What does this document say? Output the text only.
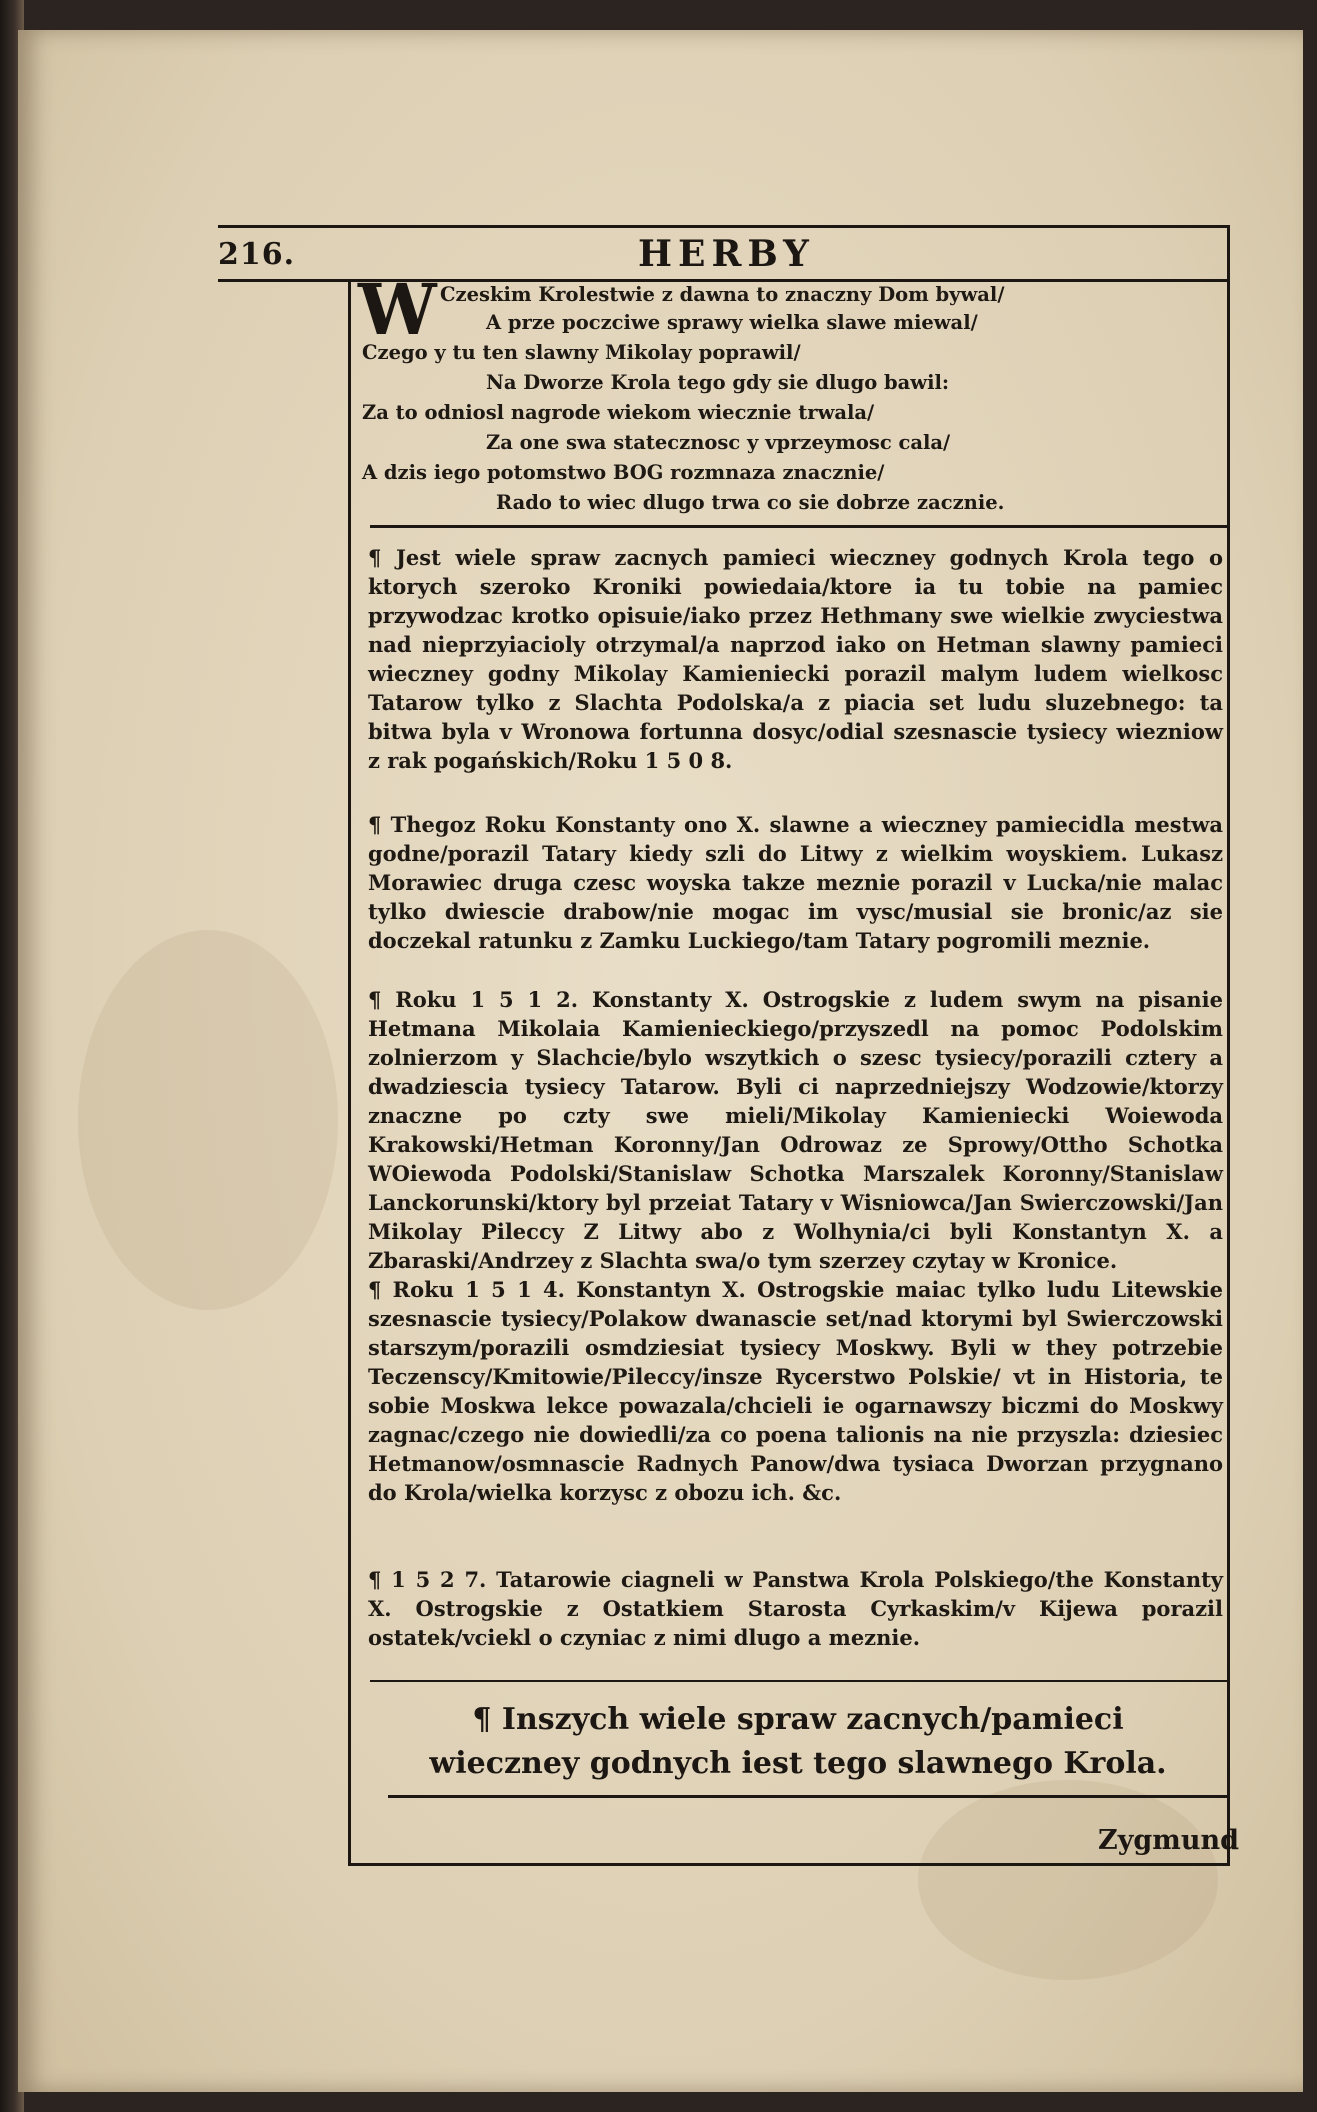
216.	HERBY
W Czeskim Krolestwie z dawna to znaczny Dom bywal/
A prze poczciwe sprawy wielka slawe miewal/
Czego y tu ten slawny Mikolay poprawil/
Na Dworze Krola tego gdy sie dlugo bawil:
Za to odniosl nagrode wiekom wiecznie trwala/
Za one swa statecznosc y vprzeymosc cala/
A dzis iego potomstwo BOG rozmnaza znacznie/
Rado to wiec dlugo trwa co sie dobrze zacznie.
¶ Jest wiele spraw zacnych pamieci wieczney godnych Krola tego o ktorych szeroko Kroniki powiedaia/ktore ia tu tobie na pamiec przywodzac krotko opisuie/iako przez Hethmany swe wielkie zwyciestwa nad nieprzyiacioly otrzymal/a naprzod iako on Hetman slawny pamieci wieczney godny Mikolay Kamieniecki porazil malym ludem wielkosc Tatarow tylko z Slachta Podolska/a z piacia set ludu sluzebnego: ta bitwa byla v Wronowa fortunna dosyc/odial szesnascie tysiecy wiezniow z rak pogańskich/Roku 1 5 0 8.
¶ Thegoz Roku Konstanty ono X. slawne a wieczney pamiecidla mestwa godne/porazil Tatary kiedy szli do Litwy z wielkim woyskiem. Lukasz Morawiec druga czesc woyska takze meznie porazil v Lucka/nie malac tylko dwiescie drabow/nie mogac im vysc/musial sie bronic/az sie doczekal ratunku z Zamku Luckiego/tam Tatary pogromili meznie.
¶ Roku 1 5 1 2. Konstanty X. Ostrogskie z ludem swym na pisanie Hetmana Mikolaia Kamienieckiego/przyszedl na pomoc Podolskim zolnierzom y Slachcie/bylo wszytkich o szesc tysiecy/porazili cztery a dwadziescia tysiecy Tatarow. Byli ci naprzedniejszy Wodzowie/ktorzy znaczne po czty swe mieli/Mikolay Kamieniecki Woiewoda Krakowski/Hetman Koronny/Jan Odrowaz ze Sprowy/Ottho Schotka WOiewoda Podolski/Stanislaw Schotka Marszalek Koronny/Stanislaw Lanckorunski/ktory byl przeiat Tatary v Wisniowca/Jan Swierczowski/Jan Mikolay Pileccy Z Litwy abo z Wolhynia/ci byli Konstantyn X. a Zbaraski/Andrzey z Slachta swa/o tym szerzey czytay w Kronice.
¶ Roku 1 5 1 4. Konstantyn X. Ostrogskie maiac tylko ludu Litewskie szesnascie tysiecy/Polakow dwanascie set/nad ktorymi byl Swierczowski starszym/porazili osmdziesiat tysiecy Moskwy. Byli w they potrzebie Teczenscy/Kmitowie/Pileccy/insze Rycerstwo Polskie/ vt in Historia, te sobie Moskwa lekce powazala/chcieli ie ogarnawszy biczmi do Moskwy zagnac/czego nie dowiedli/za co poena talionis na nie przyszla: dziesiec Hetmanow/osmnascie Radnych Panow/dwa tysiaca Dworzan przygnano do Krola/wielka korzysc z obozu ich. &c.
¶ 1 5 2 7. Tatarowie ciagneli w Panstwa Krola Polskiego/the Konstanty X. Ostrogskie z Ostatkiem Starosta Cyrkaskim/v Kijewa porazil ostatek/vciekl o czyniac z nimi dlugo a meznie.
¶ Inszych wiele spraw zacnych/pamieci wieczney godnych iest tego slawnego Krola.
Zygmund
